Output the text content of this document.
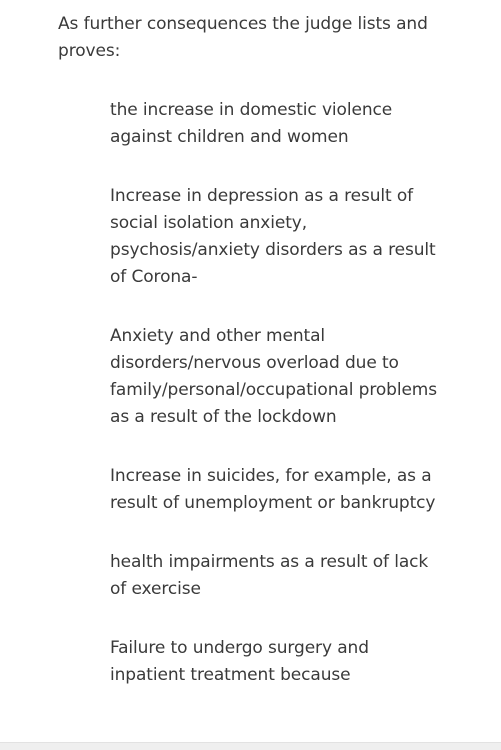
As further consequences the judge lists and proves:

the increase in domestic violence against children and women
Increase in depression as a result of social isolation anxiety, psychosis/anxiety disorders as a result of Corona-
Anxiety and other mental disorders/nervous overload due to family/personal/occupational problems as a result of the lockdown
Increase in suicides, for example, as a result of unemployment or bankruptcy
health impairments as a result of lack of exercise
Failure to undergo surgery and inpatient treatment because
